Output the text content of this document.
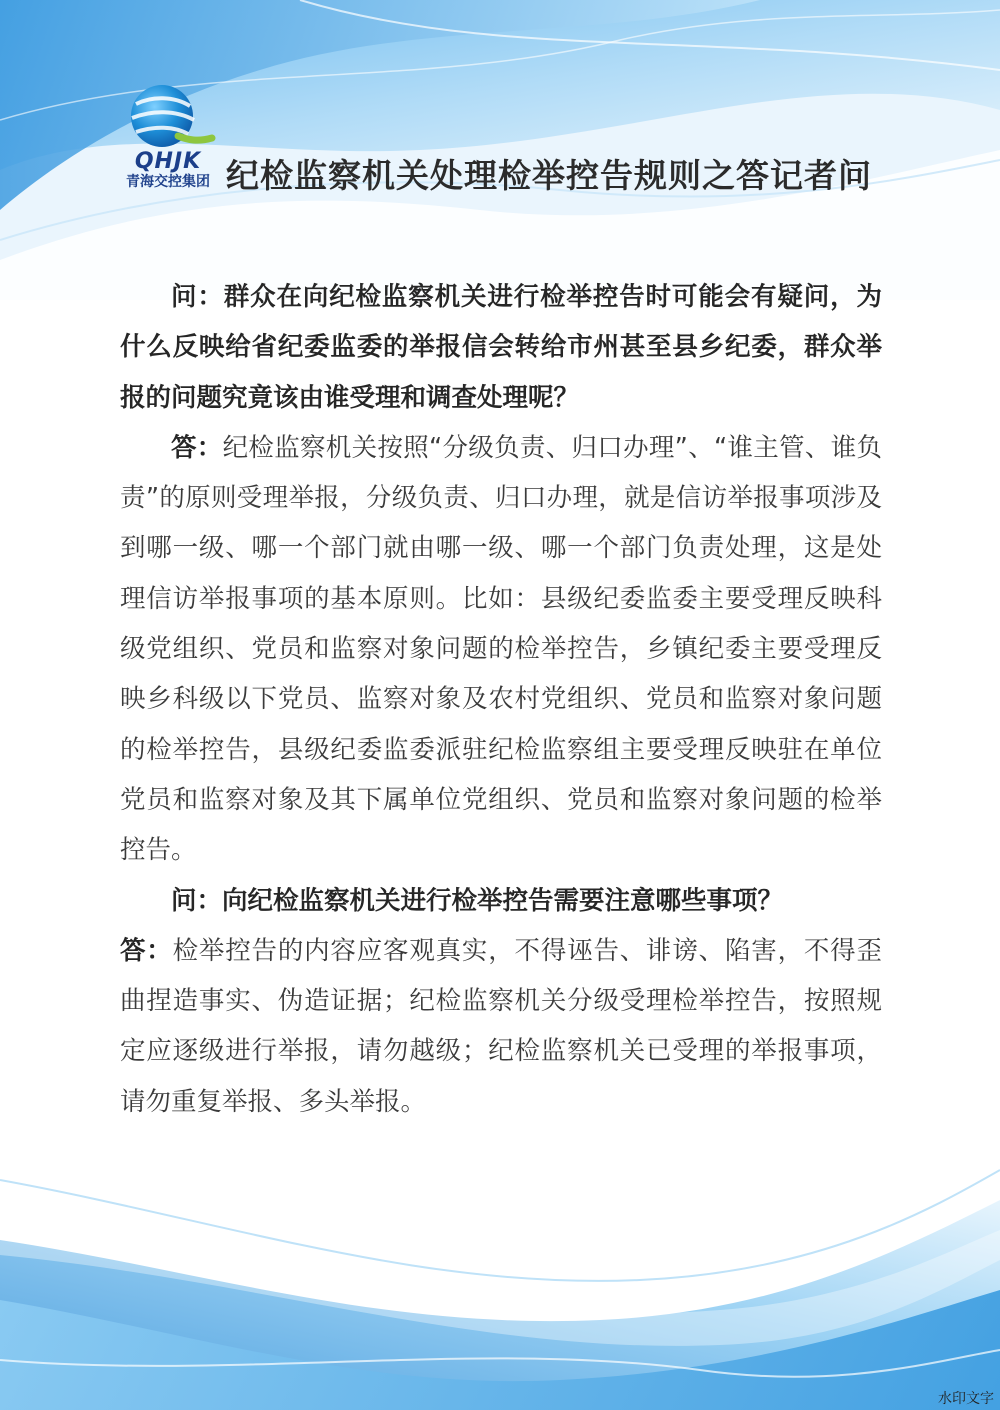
QHJK
青海交控集团 纪检监察机关处理检举控告规则之答记者问

问：群众在向纪检监察机关进行检举控告时可能会有疑问，为什么反映给省纪委监委的举报信会转给市州甚至县乡纪委，群众举报的问题究竟该由谁受理和调查处理呢？

答：纪检监察机关按照“分级负责、归口办理”、“谁主管、谁负责”的原则受理举报，分级负责、归口办理，就是信访举报事项涉及到哪一级、哪一个部门就由哪一级、哪一个部门负责处理，这是处理信访举报事项的基本原则。比如：县级纪委监委主要受理反映科级党组织、党员和监察对象问题的检举控告，乡镇纪委主要受理反映乡科级以下党员、监察对象及农村党组织、党员和监察对象问题的检举控告，县级纪委监委派驻纪检监察组主要受理反映驻在单位党员和监察对象及其下属单位党组织、党员和监察对象问题的检举控告。

问：向纪检监察机关进行检举控告需要注意哪些事项？

答：检举控告的内容应客观真实，不得诬告、诽谤、陷害，不得歪曲捏造事实、伪造证据；纪检监察机关分级受理检举控告，按照规定应逐级进行举报，请勿越级；纪检监察机关已受理的举报事项，请勿重复举报、多头举报。

水印文字
